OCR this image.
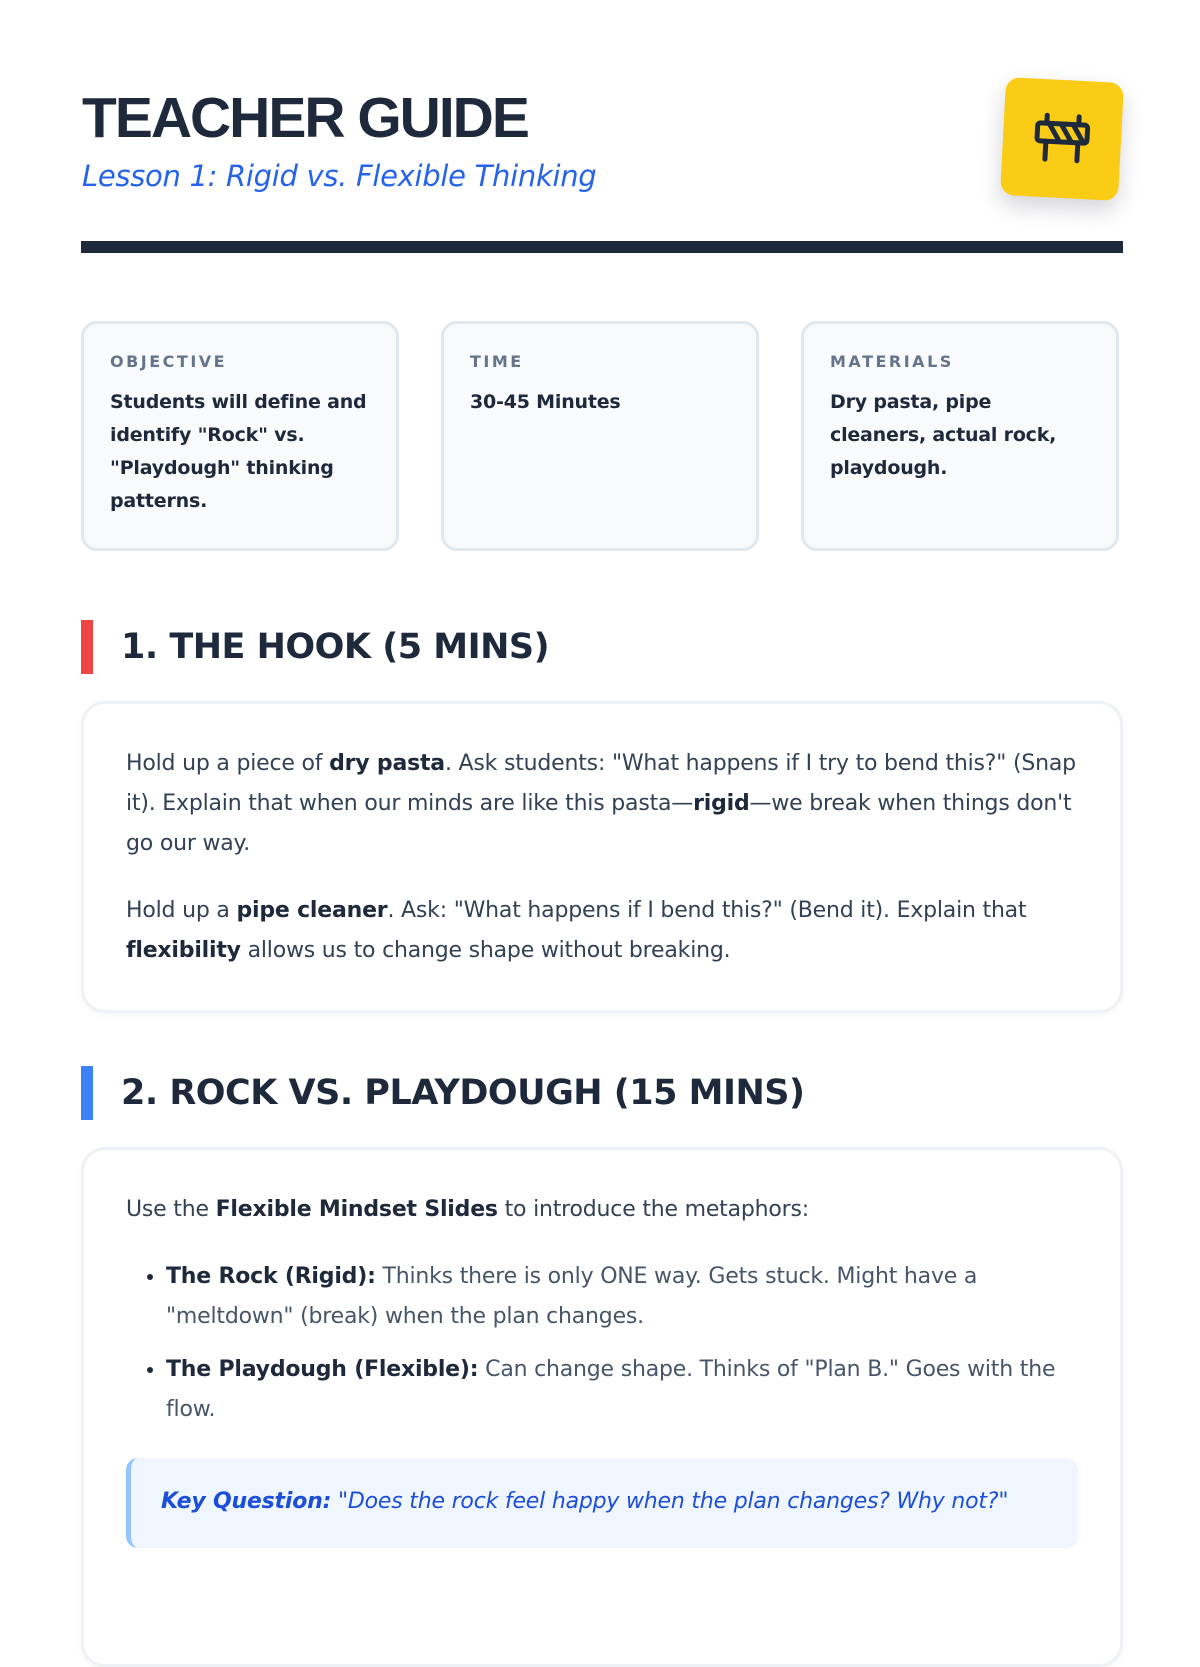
TEACHER GUIDE

Lesson 1: Rigid vs. Flexible Thinking

OBJECTIVE
Students will define and identify "Rock" vs. "Playdough" thinking patterns.
TIME
30-45 Minutes
MATERIALS
Dry pasta, pipe cleaners, actual rock, playdough.
1. THE HOOK (5 MINS)

Hold up a piece of dry pasta. Ask students: "What happens if I try to bend this?" (Snap it). Explain that when our minds are like this pasta—rigid—we break when things don't go our way.

Hold up a pipe cleaner. Ask: "What happens if I bend this?" (Bend it). Explain that flexibility allows us to change shape without breaking.

2. ROCK VS. PLAYDOUGH (15 MINS)

Use the Flexible Mindset Slides to introduce the metaphors:

• The Rock (Rigid): Thinks there is only ONE way. Gets stuck. Might have a "meltdown" (break) when the plan changes.
• The Playdough (Flexible): Can change shape. Thinks of "Plan B." Goes with the flow.
Key Question: "Does the rock feel happy when the plan changes? Why not?"
